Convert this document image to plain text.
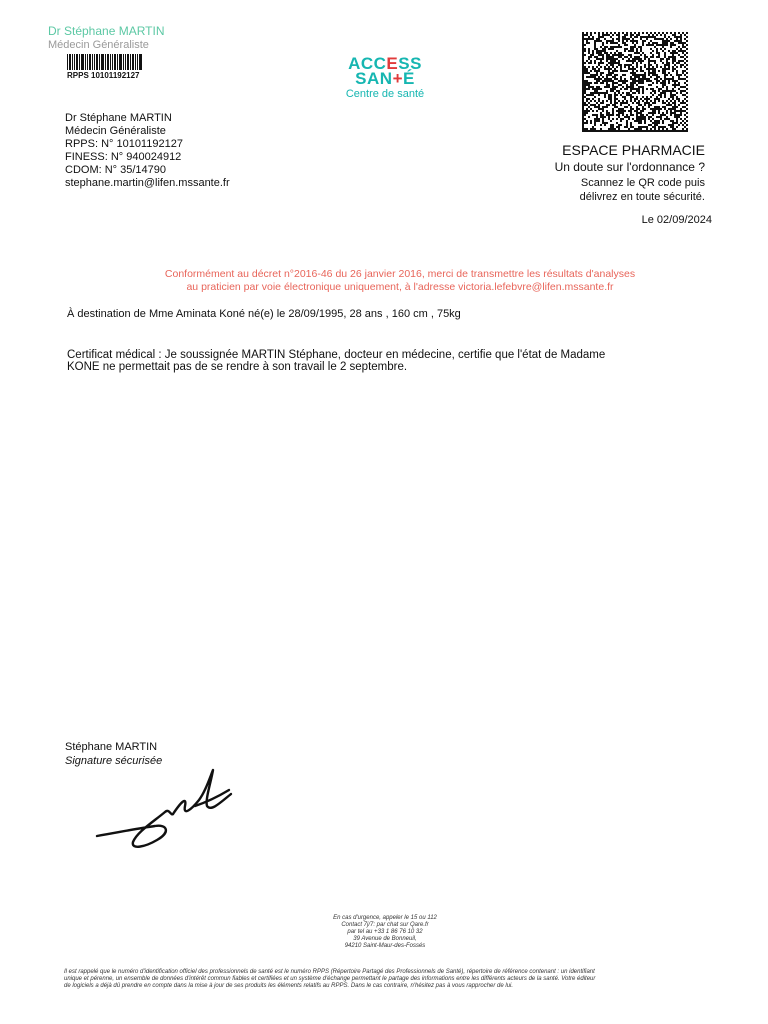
Dr Stéphane MARTIN
Médecin Généraliste
RPPS 10101192127
ACCESS
SAN+É
Centre de santé
Dr Stéphane MARTIN
Médecin Généraliste
RPPS: N° 10101192127
FINESS: N° 940024912
CDOM: N° 35/14790
stephane.martin@lifen.mssante.fr
ESPACE PHARMACIE
Un doute sur l'ordonnance ?
Scannez le QR code puis
délivrez en toute sécurité.
Le 02/09/2024
Conformément au décret n°2016-46 du 26 janvier 2016, merci de transmettre les résultats d'analyses
au praticien par voie électronique uniquement, à l'adresse victoria.lefebvre@lifen.mssante.fr
À destination de Mme Aminata Koné né(e) le 28/09/1995, 28 ans , 160 cm , 75kg
Certificat médical : Je soussignée MARTIN Stéphane, docteur en médecine, certifie que l'état de Madame
KONE ne permettait pas de se rendre à son travail le 2 septembre.
Stéphane MARTIN
Signature sécurisée
En cas d'urgence, appeler le 15 ou 112
Contact 7j/7: par chat sur Qare.fr
par tel au +33 1 86 76 10 32
39 Avenue de Bonneuil,
94210 Saint-Maur-des-Fossés
Il est rappelé que le numéro d'identification officiel des professionnels de santé est le numéro RPPS (Répertoire Partagé des Professionnels de Santé), répertoire de référence contenant : un identifiant
unique et pérenne, un ensemble de données d'intérêt commun fiables et certifiées et un système d'échange permettant le partage des informations entre les différents acteurs de la santé. Votre éditeur
de logiciels a déjà dû prendre en compte dans la mise à jour de ses produits les éléments relatifs au RPPS. Dans le cas contraire, n'hésitez pas à vous rapprocher de lui.
